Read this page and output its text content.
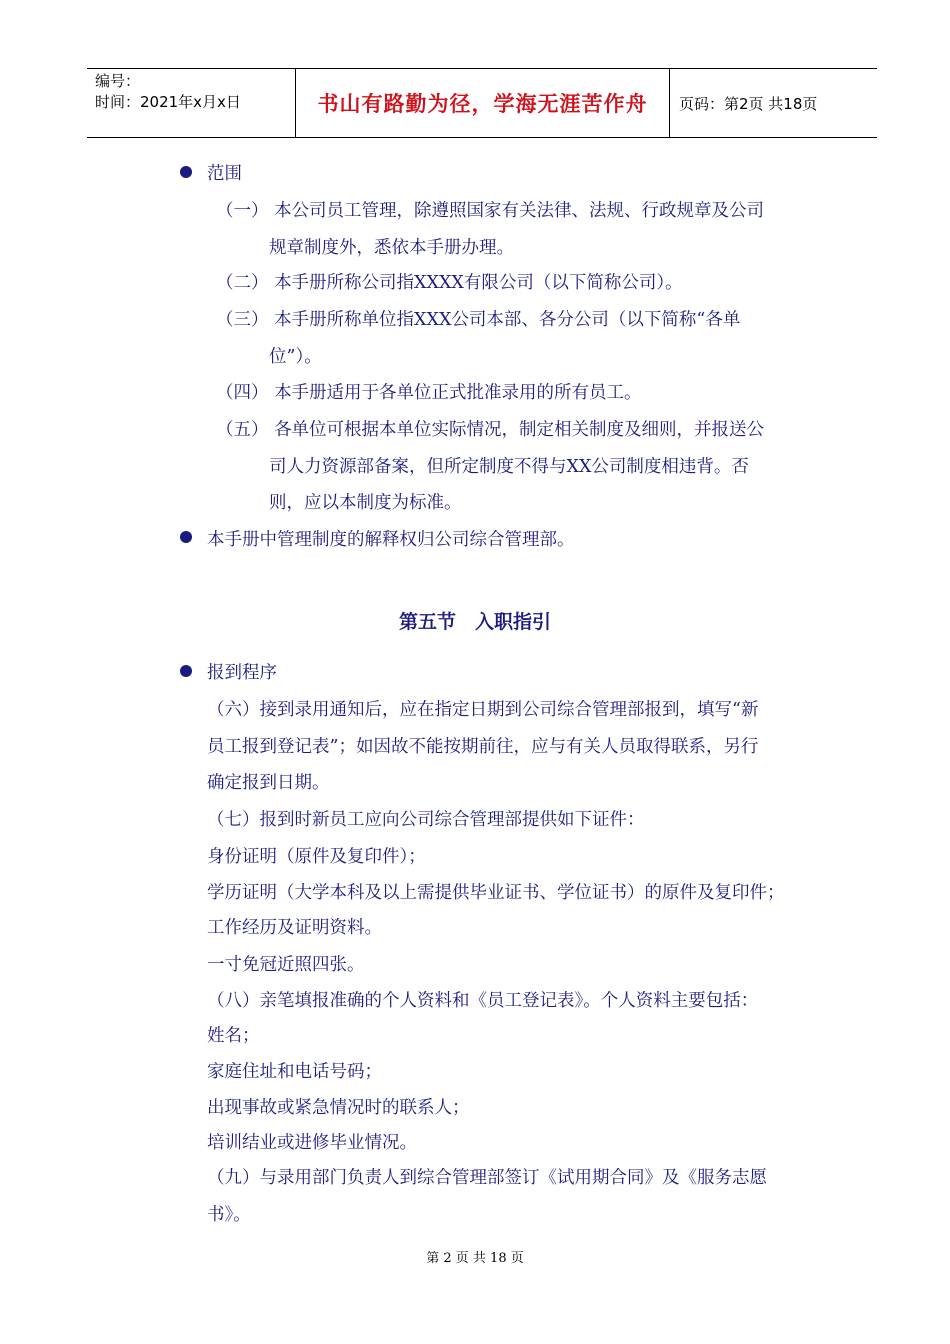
编号：
时间：2021年x月x日	书山有路勤为径，学海无涯苦作舟	页码：第2页 共18页
范围
（一） 本公司员工管理，除遵照国家有关法律、法规、行政规章及公司
规章制度外，悉依本手册办理。
（二） 本手册所称公司指XXXX有限公司（以下简称公司）。
（三） 本手册所称单位指XXX公司本部、各分公司（以下简称“各单
位”）。
（四） 本手册适用于各单位正式批准录用的所有员工。
（五） 各单位可根据本单位实际情况，制定相关制度及细则，并报送公
司人力资源部备案，但所定制度不得与XX公司制度相违背。否
则，应以本制度为标准。
本手册中管理制度的解释权归公司综合管理部。
第五节　入职指引
报到程序
（六）接到录用通知后，应在指定日期到公司综合管理部报到，填写“新
员工报到登记表”；如因故不能按期前往，应与有关人员取得联系，另行
确定报到日期。
（七）报到时新员工应向公司综合管理部提供如下证件：
身份证明（原件及复印件）；
学历证明（大学本科及以上需提供毕业证书、学位证书）的原件及复印件；
工作经历及证明资料。
一寸免冠近照四张。
（八）亲笔填报准确的个人资料和《员工登记表》。个人资料主要包括：
姓名；
家庭住址和电话号码；
出现事故或紧急情况时的联系人；
培训结业或进修毕业情况。
（九）与录用部门负责人到综合管理部签订《试用期合同》及《服务志愿
书》。
第 2 页 共 18 页
